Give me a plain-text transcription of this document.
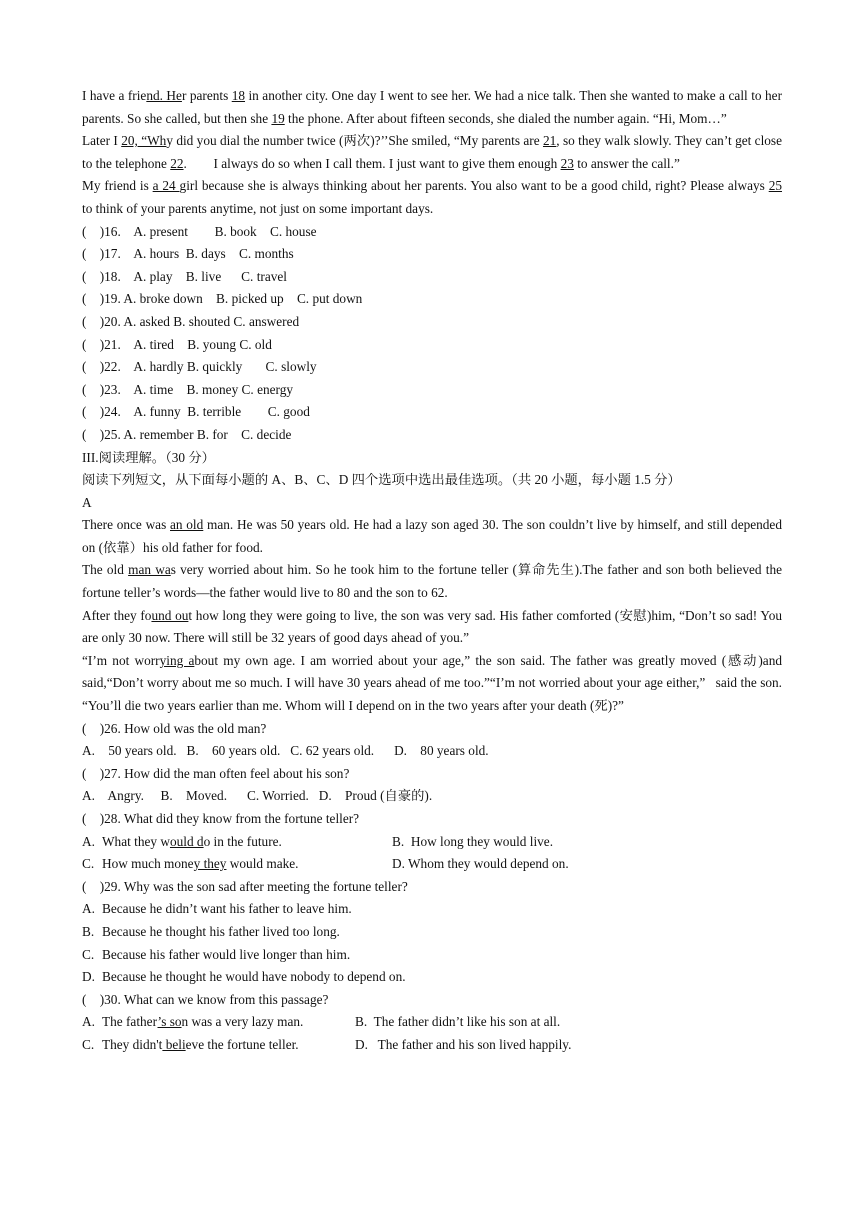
I have a friend. Her parents 18 in another city. One day I went to see her. We had a nice talk. Then she wanted to make a call to her parents. So she called, but then she 19 the phone. After about fifteen seconds, she dialed the number again. “Hi, Mom…”

Later I 20, “Why did you dial the number twice (两次)?’’She smiled, “My parents are 21, so they walk slowly. They can’t get close to the telephone 22.        I always do so when I call them. I just want to give them enough 23 to answer the call.”

My friend is a 24 girl because she is always thinking about her parents. You also want to be a good child, right? Please always 25 to think of your parents anytime, not just on some important days.

(    )16.    A. present        B. book    C. house

(    )17.    A. hours  B. days    C. months

(    )18.    A. play    B. live      C. travel

(    )19. A. broke down    B. picked up    C. put down

(    )20. A. asked B. shouted C. answered

(    )21.    A. tired    B. young C. old

(    )22.    A. hardly B. quickly       C. slowly

(    )23.    A. time    B. money C. energy

(    )24.    A. funny  B. terrible        C. good

(    )25. A. remember B. for    C. decide

III.阅读理解。（30 分）

阅读下列短文，从下面每小题的 A、B、C、D 四个选项中选出最佳选项。（共 20 小题，每小题 1.5 分）

A

There once was an old man. He was 50 years old. He had a lazy son aged 30. The son couldn’t live by himself, and still depended on (依靠）his old father for food.

The old man was very worried about him. So he took him to the fortune teller (算命先生).The father and son both believed the fortune teller’s words—the father would live to 80 and the son to 62.

After they found out how long they were going to live, the son was very sad. His father comforted (安慰)him, “Don’t so sad! You are only 30 now. There will still be 32 years of good days ahead of you.”

“I’m not worrying about my own age. I am worried about your age,” the son said. The father was greatly moved (感动)and said,“Don’t worry about me so much. I will have 30 years ahead of me too.”“I’m not worried about your age either,”   said the son. “You’ll die two years earlier than me. Whom will I depend on in the two years after your death (死)?”

(    )26. How old was the old man?

A.    50 years old.   B.    60 years old.   C. 62 years old.      D.    80 years old.

(    )27. How did the man often feel about his son?

A.    Angry.     B.    Moved.      C. Worried.   D.    Proud (自豪的).

(    )28. What did they know from the fortune teller?

A. What they would do in the future.	B.  How long they would live.
C. How much money they would make.	D. Whom they would depend on.

(    )29. Why was the son sad after meeting the fortune teller?

A. Because he didn’t want his father to leave him.
B. Because he thought his father lived too long.
C. Because his father would live longer than him.
D. Because he thought he would have nobody to depend on.

(    )30. What can we know from this passage?

A. The father’s son was a very lazy man.	B.  The father didn’t like his son at all.
C. They didn't believe the fortune teller.	D.   The father and his son lived happily.
